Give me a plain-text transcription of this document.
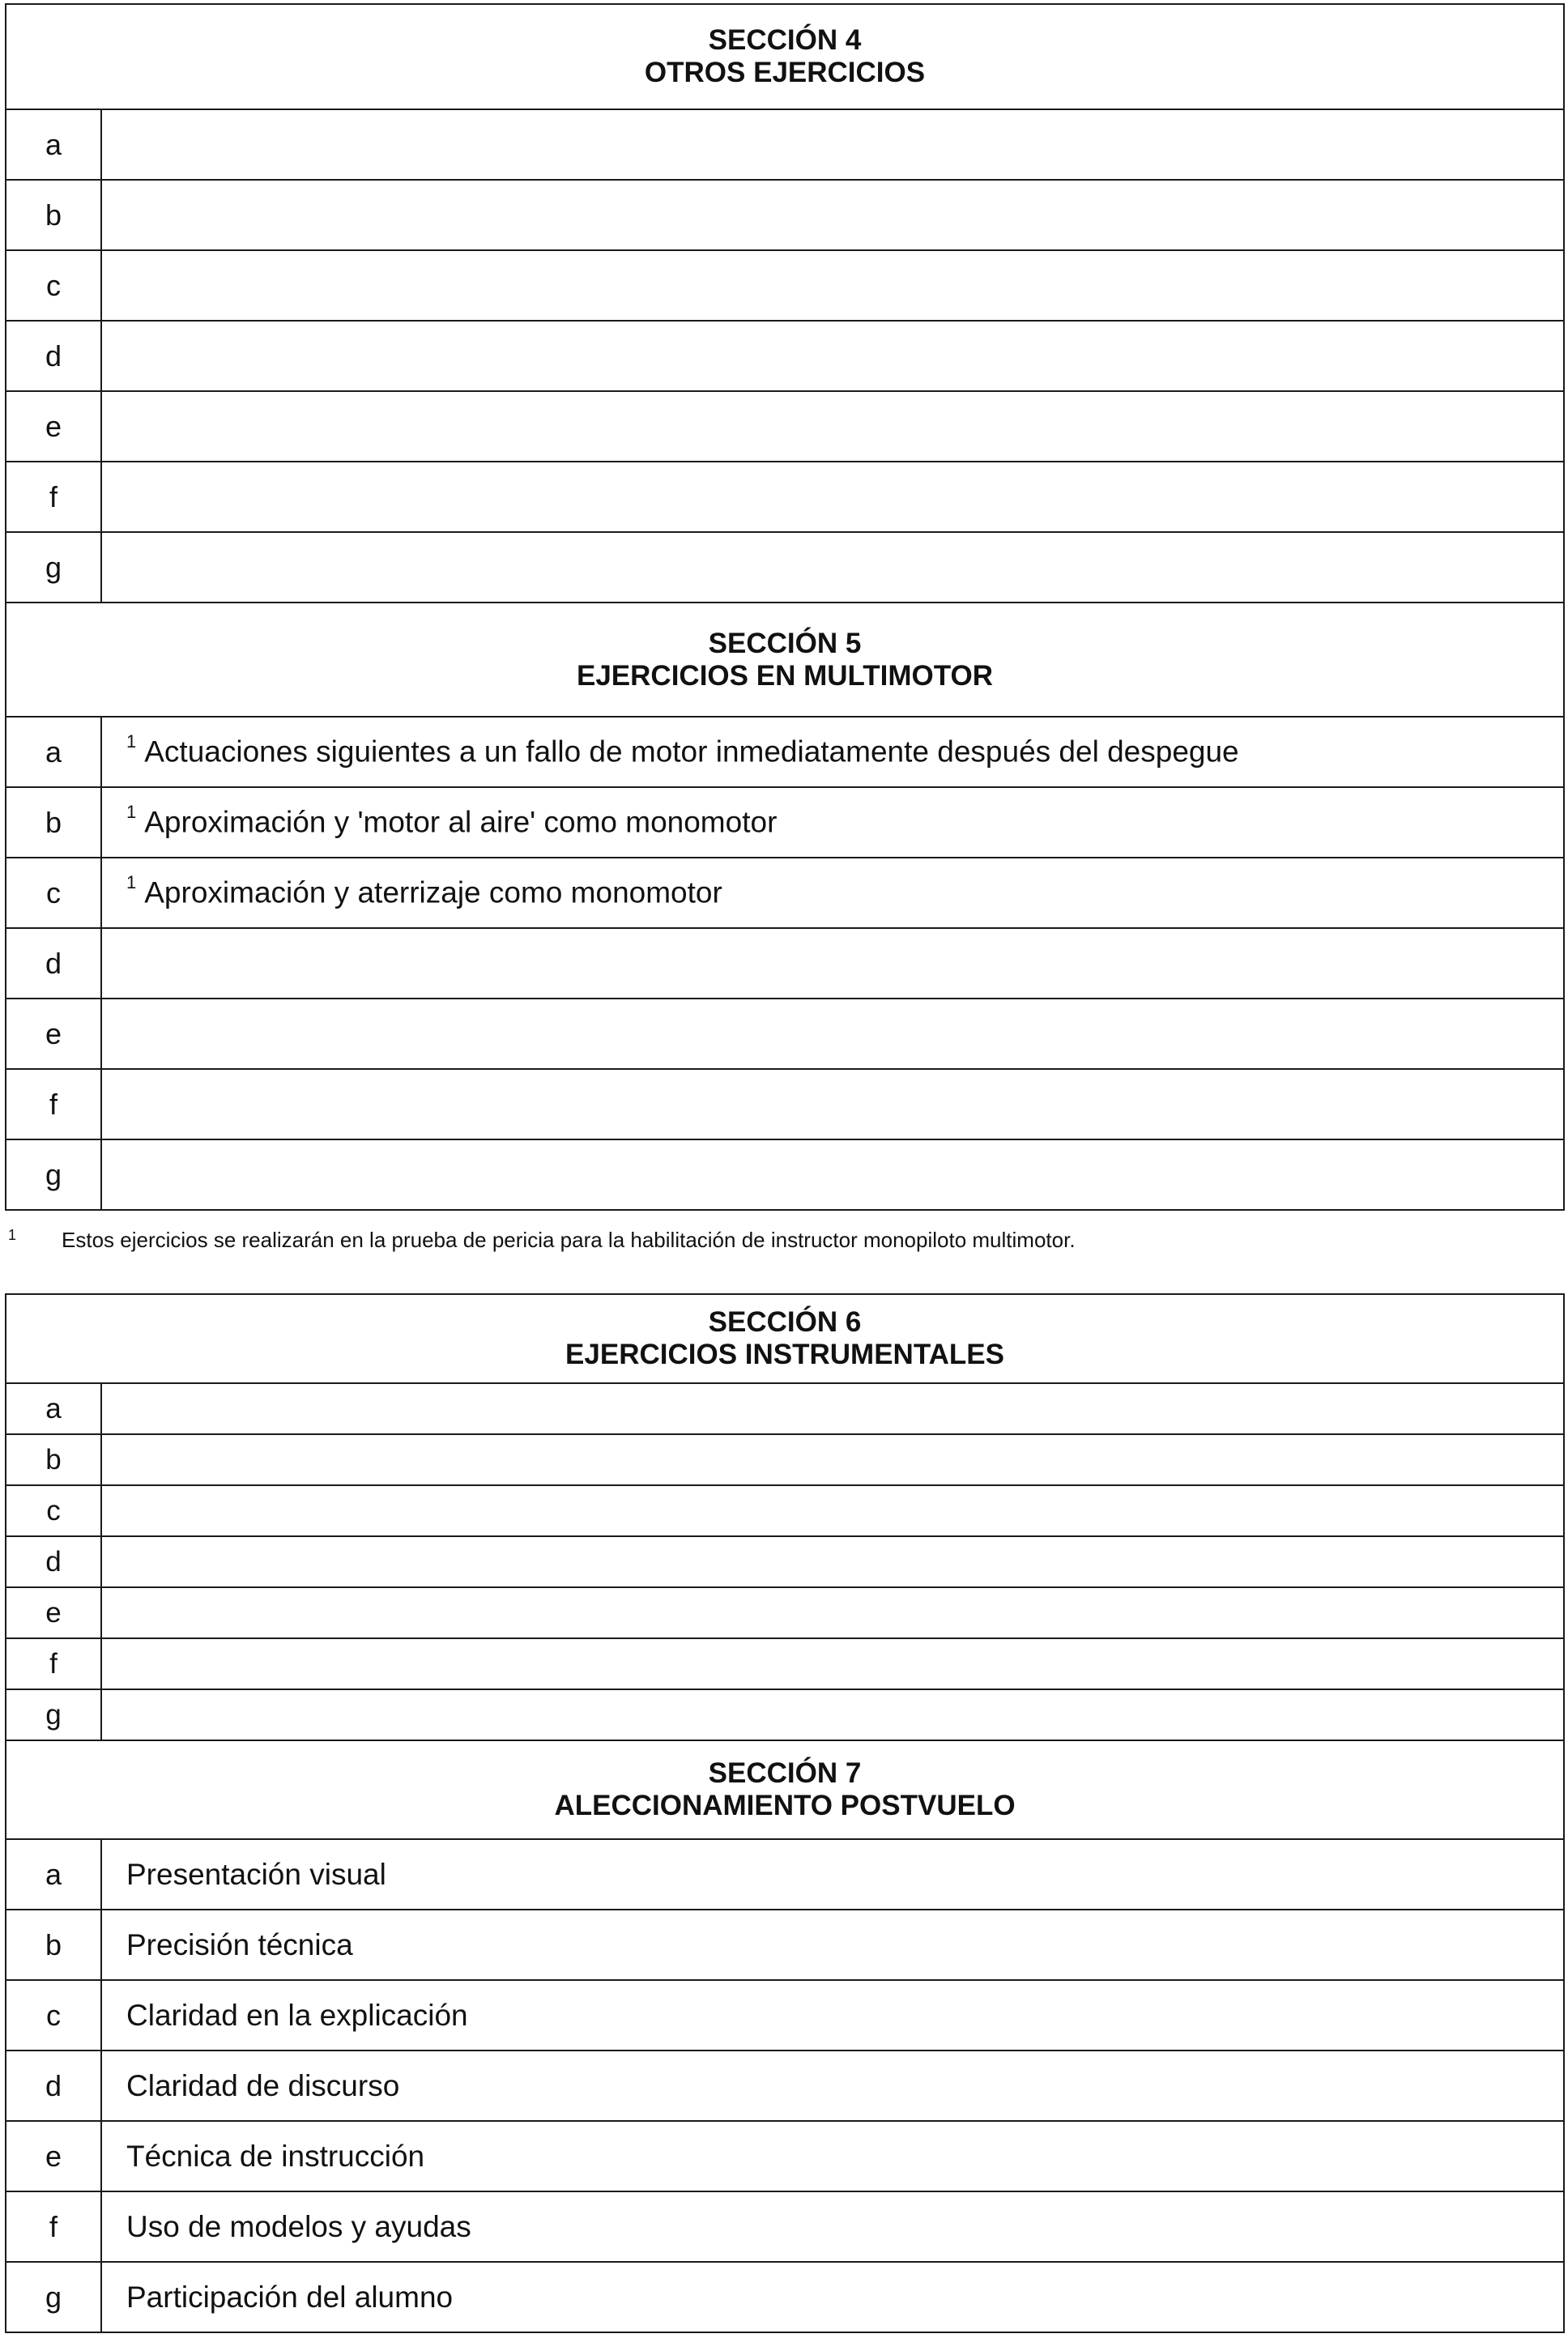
SECCIÓN 4
OTROS EJERCICIOS	

a	
b	
c	
d	
e	
f	
g	

SECCIÓN 5
EJERCICIOS EN MULTIMOTOR	

a	$^1$ Actuaciones siguientes a un fallo de motor inmediatamente después del despegue
b	$^1$ Aproximación y 'motor al aire' como monomotor
c	$^1$ Aproximación y aterrizaje como monomotor
d	
e	
f	
g	
1 Estos ejercicios se realizarán en la prueba de pericia para la habilitación de instructor monopiloto multimotor.
SECCIÓN 6
EJERCICIOS INSTRUMENTALES	

a	
b	
c	
d	
e	
f	
g	

SECCIÓN 7
ALECCIONAMIENTO POSTVUELO	

a	Presentación visual
b	Precisión técnica
c	Claridad en la explicación
d	Claridad de discurso
e	Técnica de instrucción
f	Uso de modelos y ayudas
g	Participación del alumno
